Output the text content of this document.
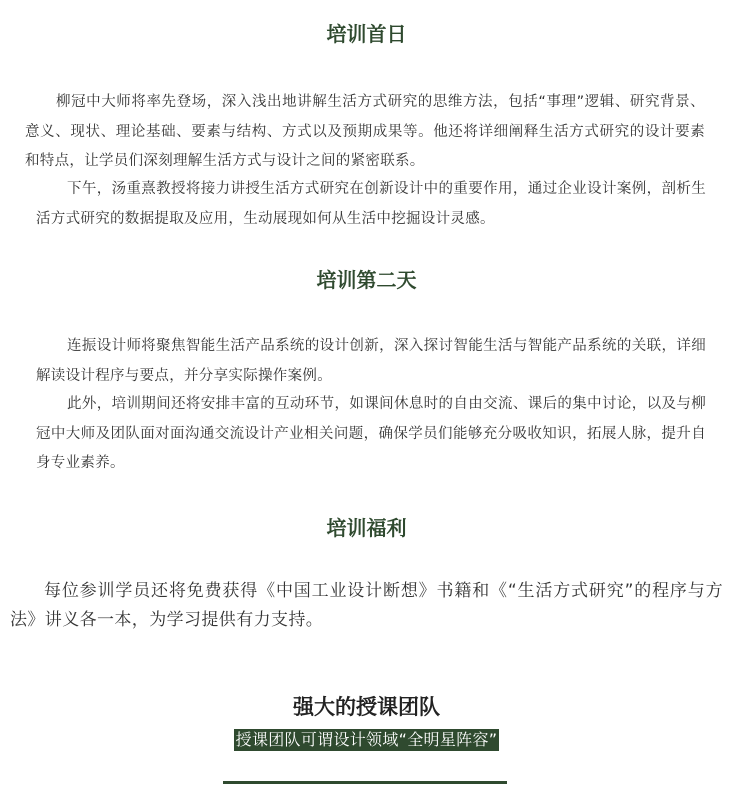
培训首日

柳冠中大师将率先登场，深入浅出地讲解生活方式研究的思维方法，包括“事理”逻辑、研究背景、意义、现状、理论基础、要素与结构、方式以及预期成果等。他还将详细阐释生活方式研究的设计要素和特点，让学员们深刻理解生活方式与设计之间的紧密联系。

下午，汤重熹教授将接力讲授生活方式研究在创新设计中的重要作用，通过企业设计案例，剖析生活方式研究的数据提取及应用，生动展现如何从生活中挖掘设计灵感。

培训第二天

连振设计师将聚焦智能生活产品系统的设计创新，深入探讨智能生活与智能产品系统的关联，详细解读设计程序与要点，并分享实际操作案例。

此外，培训期间还将安排丰富的互动环节，如课间休息时的自由交流、课后的集中讨论，以及与柳冠中大师及团队面对面沟通交流设计产业相关问题，确保学员们能够充分吸收知识，拓展人脉，提升自身专业素养。

培训福利

每位参训学员还将免费获得《中国工业设计断想》书籍和《“生活方式研究”的程序与方法》讲义各一本，为学习提供有力支持。

强大的授课团队
授课团队可谓设计领域“全明星阵容”
